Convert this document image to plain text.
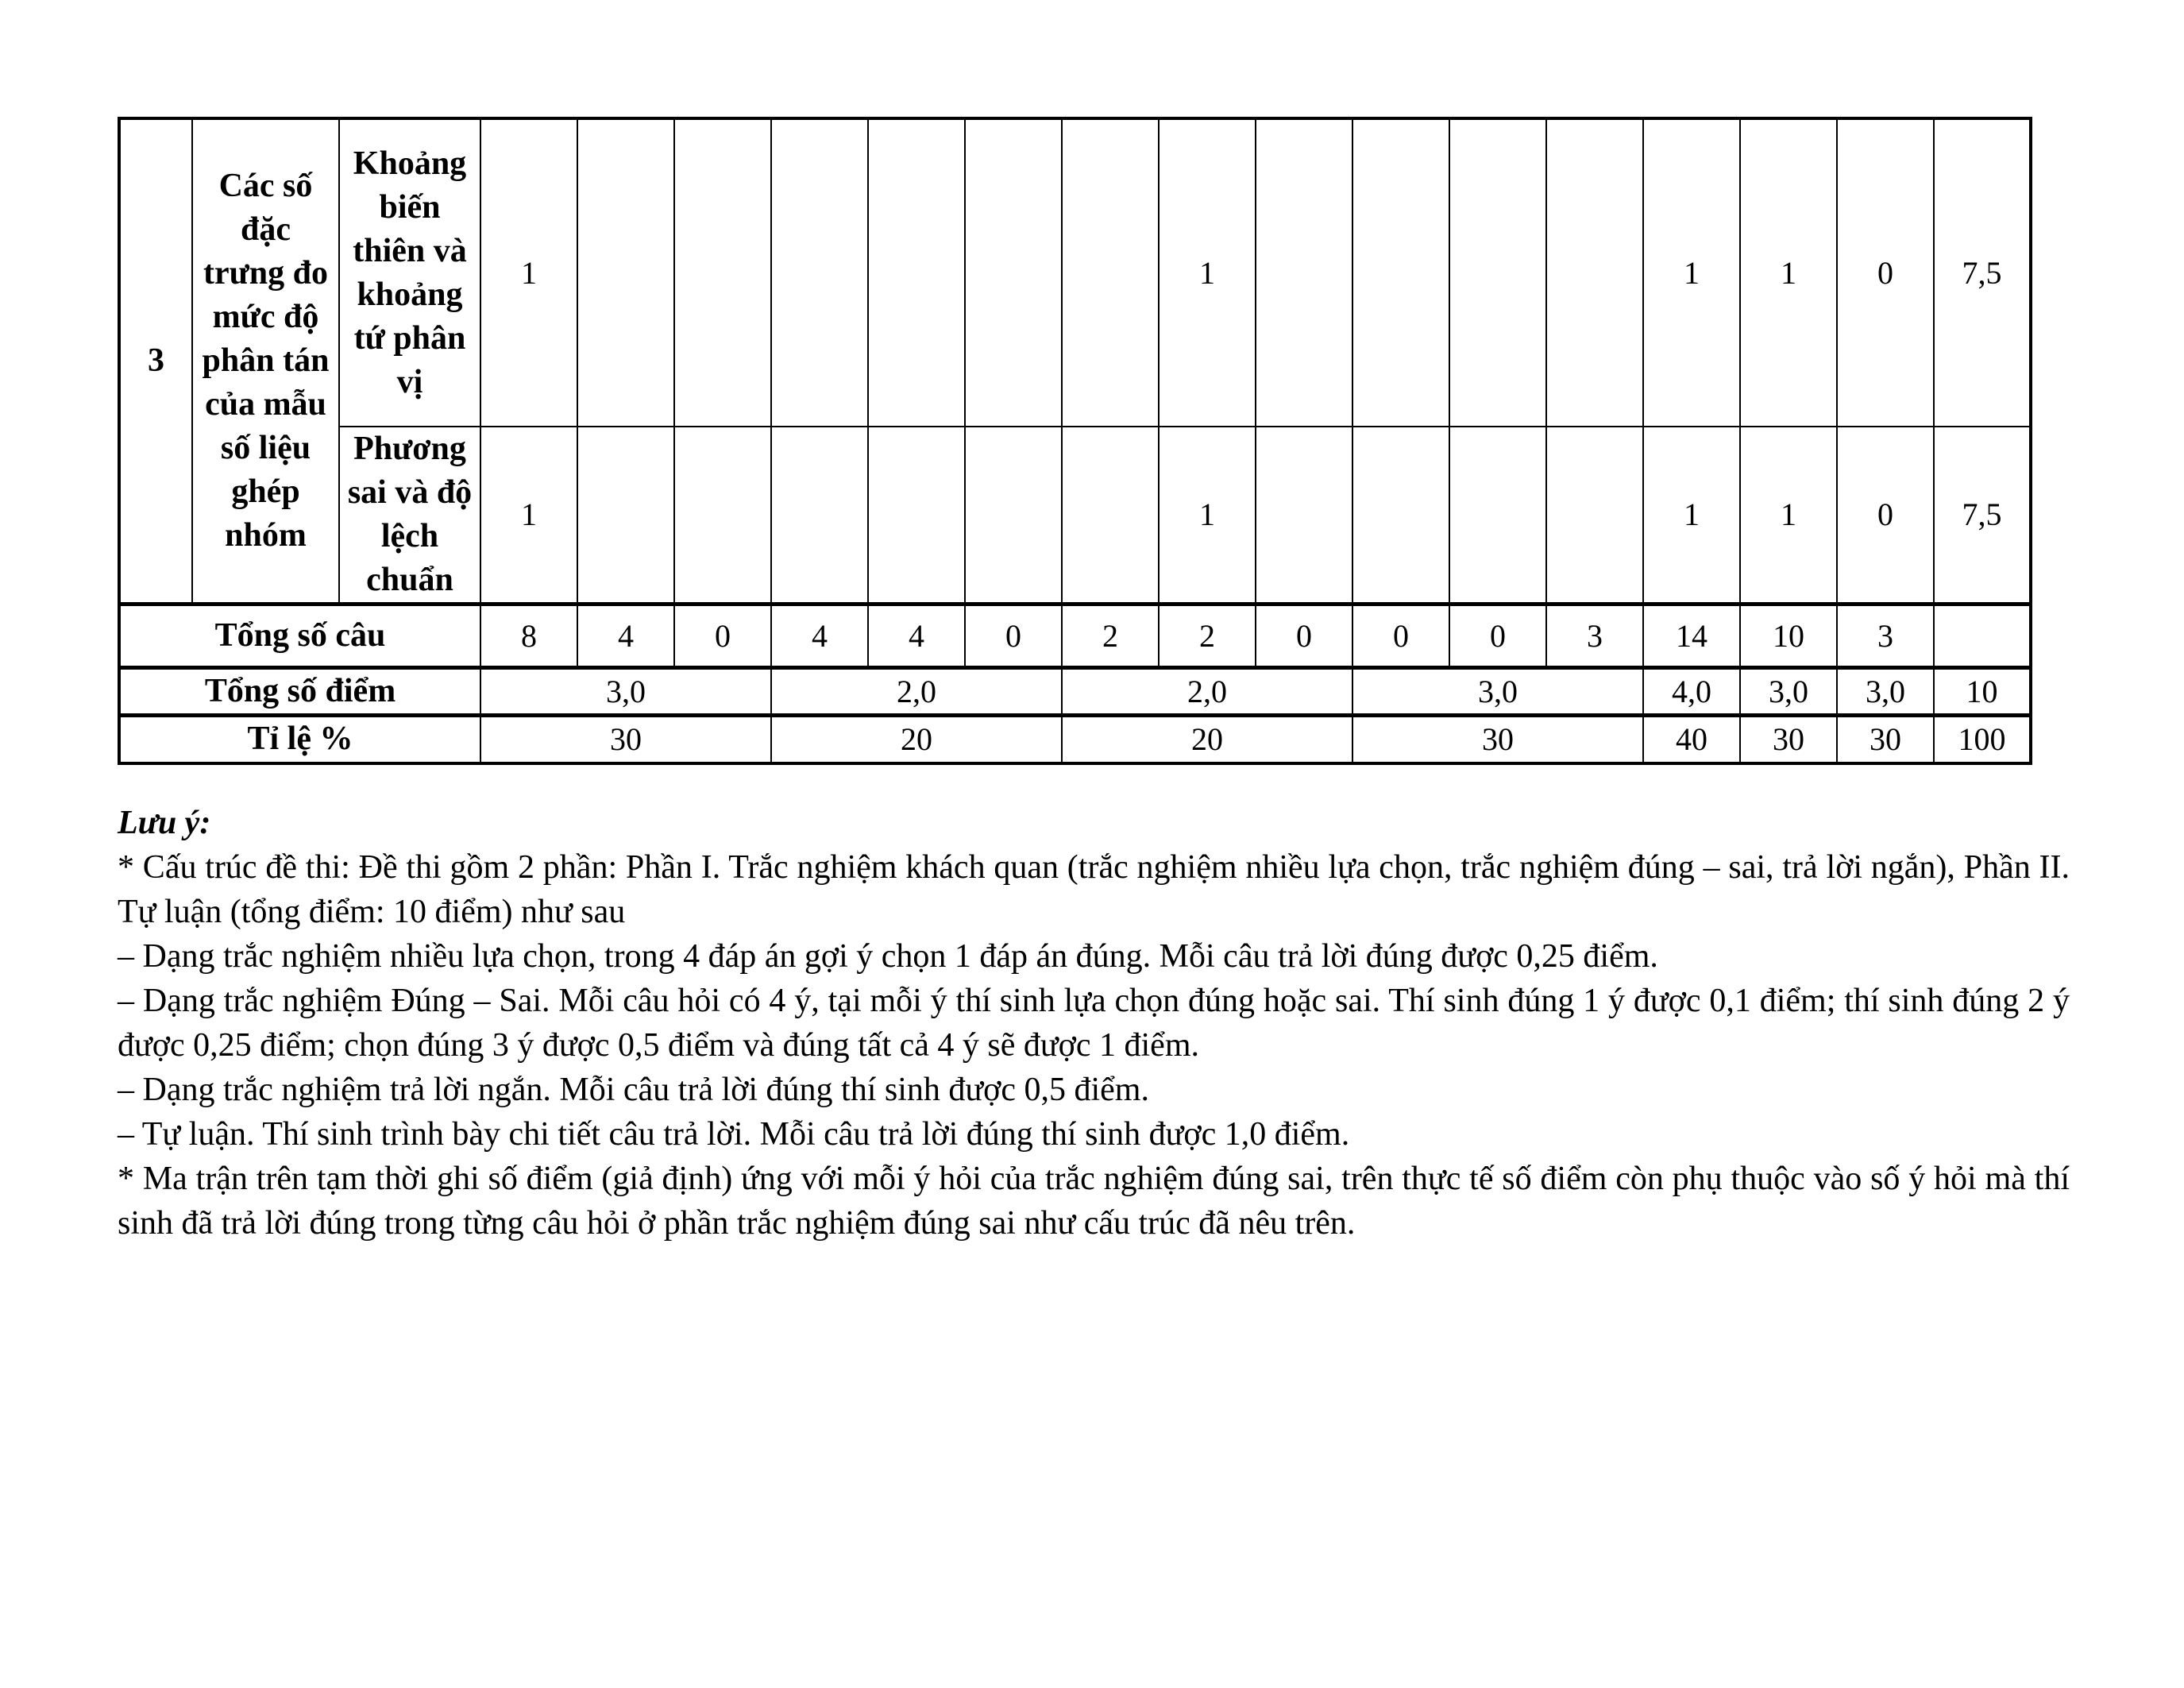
3	Các số đặc trưng đo mức độ phân tán của mẫu số liệu ghép nhóm	Khoảng biến thiên và khoảng tứ phân vị	1							1					1	1	0	7,5
		Phương sai và độ lệch chuẩn	1							1					1	1	0	7,5
Tổng số câu			8	4	0	4	4	0	2	2	0	0	0	3	14	10	3	
Tổng số điểm			3,0			2,0			2,0			3,0			4,0	3,0	3,0	10
Tỉ lệ %			30			20			20			30			40	30	30	100

Lưu ý:

* Cấu trúc đề thi: Đề thi gồm 2 phần: Phần I. Trắc nghiệm khách quan (trắc nghiệm nhiều lựa chọn, trắc nghiệm đúng – sai, trả lời ngắn), Phần II. Tự luận (tổng điểm: 10 điểm) như sau

– Dạng trắc nghiệm nhiều lựa chọn, trong 4 đáp án gợi ý chọn 1 đáp án đúng. Mỗi câu trả lời đúng được 0,25 điểm.

– Dạng trắc nghiệm Đúng – Sai. Mỗi câu hỏi có 4 ý, tại mỗi ý thí sinh lựa chọn đúng hoặc sai. Thí sinh đúng 1 ý được 0,1 điểm; thí sinh đúng 2 ý được 0,25 điểm; chọn đúng 3 ý được 0,5 điểm và đúng tất cả 4 ý sẽ được 1 điểm.

– Dạng trắc nghiệm trả lời ngắn. Mỗi câu trả lời đúng thí sinh được 0,5 điểm.

– Tự luận. Thí sinh trình bày chi tiết câu trả lời. Mỗi câu trả lời đúng thí sinh được 1,0 điểm.

* Ma trận trên tạm thời ghi số điểm (giả định) ứng với mỗi ý hỏi của trắc nghiệm đúng sai, trên thực tế số điểm còn phụ thuộc vào số ý hỏi mà thí sinh đã trả lời đúng trong từng câu hỏi ở phần trắc nghiệm đúng sai như cấu trúc đã nêu trên.
